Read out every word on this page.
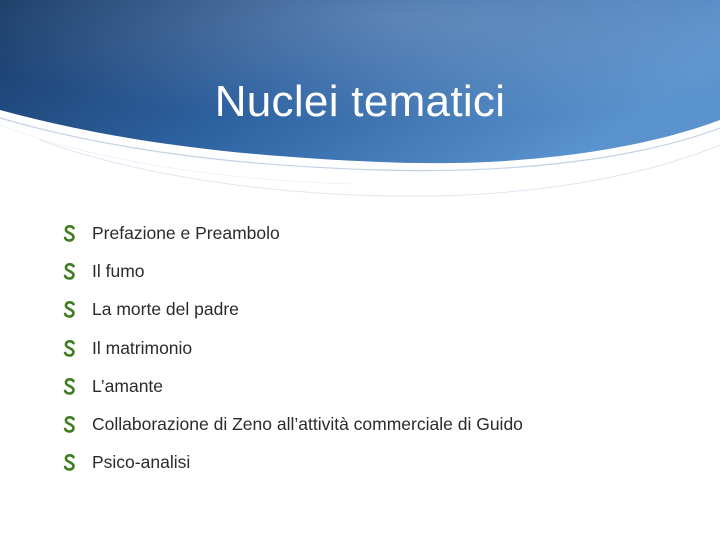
Nuclei tematici
Prefazione e Preambolo
Il fumo
La morte del padre
Il matrimonio
L’amante
Collaborazione di Zeno all’attività commerciale di Guido
Psico-analisi
